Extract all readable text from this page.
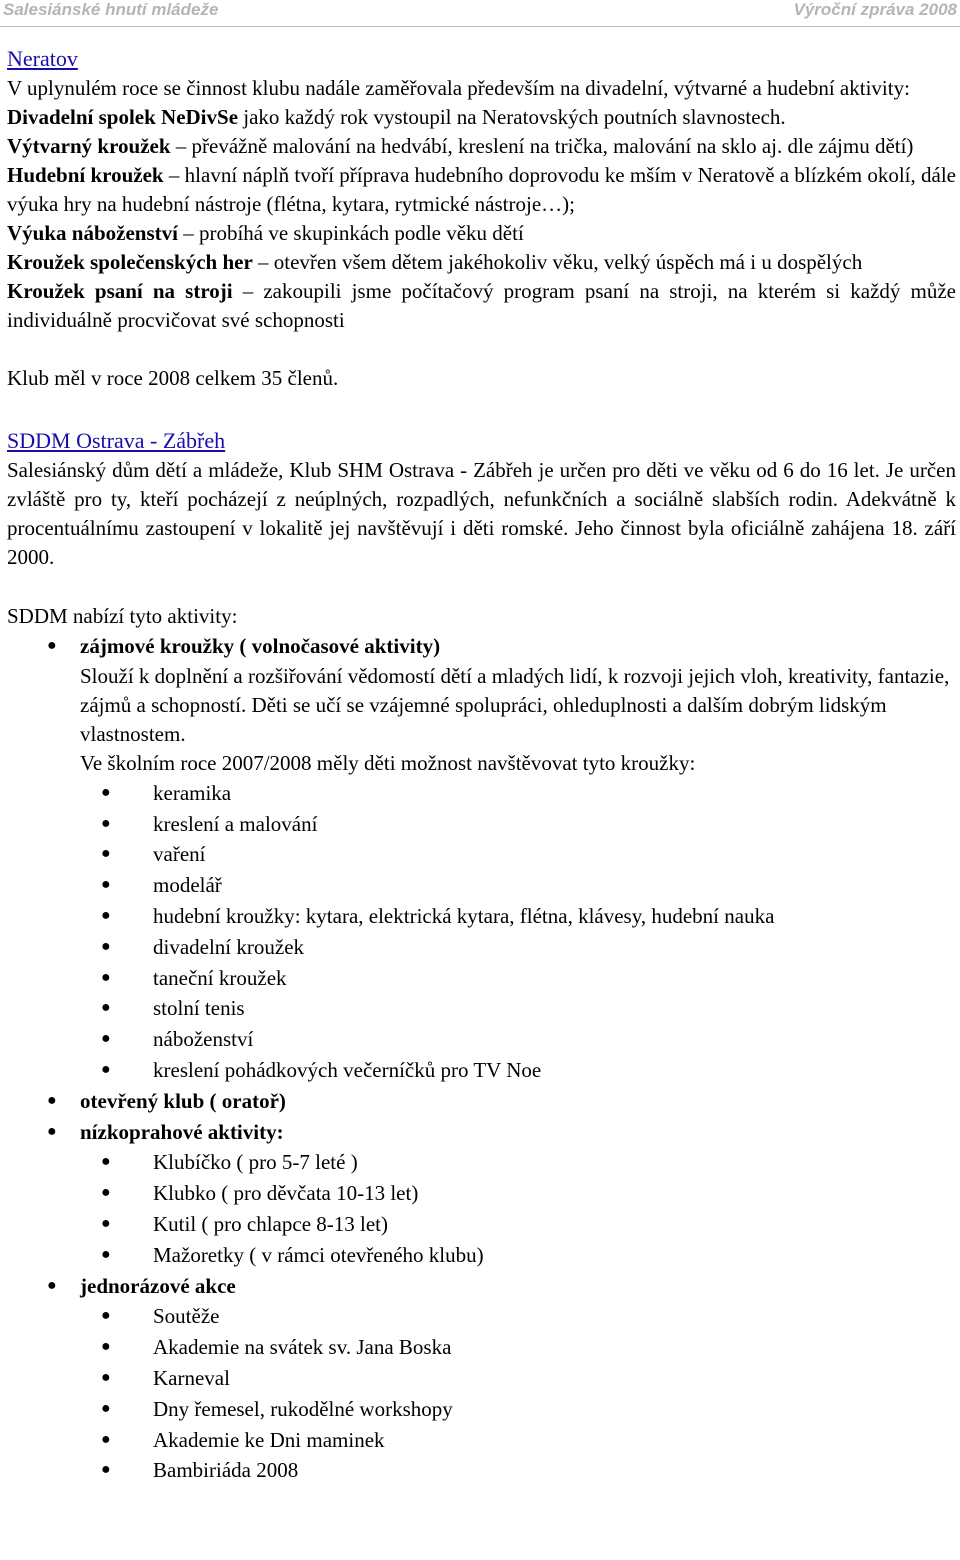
Salesiánské hnutí mládeže	Výroční zpráva 2008

Neratov

V uplynulém roce se činnost klubu nadále zaměřovala především na divadelní, výtvarné a hudební aktivity:

Divadelní spolek NeDivSe jako každý rok vystoupil na Neratovských poutních slavnostech.

Výtvarný kroužek – převážně malování na hedvábí, kreslení na trička, malování na sklo aj. dle zájmu dětí)

Hudební kroužek – hlavní náplň tvoří příprava hudebního doprovodu ke mším v Neratově a blízkém okolí, dále výuka hry na hudební nástroje (flétna, kytara, rytmické nástroje…);

Výuka náboženství – probíhá ve skupinkách podle věku dětí

Kroužek společenských her – otevřen všem dětem jakéhokoliv věku, velký úspěch má i u dospělých

Kroužek psaní na stroji – zakoupili jsme počítačový program psaní na stroji, na kterém si každý může individuálně procvičovat své schopnosti

Klub měl v roce 2008 celkem 35 členů.

SDDM Ostrava - Zábřeh

Salesiánský dům dětí a mládeže, Klub SHM Ostrava - Zábřeh je určen pro děti ve věku od 6 do 16 let. Je určen zvláště pro ty, kteří pocházejí z neúplných, rozpadlých, nefunkčních a sociálně slabších rodin. Adekvátně k procentuálnímu zastoupení v lokalitě jej navštěvují i děti romské. Jeho činnost byla oficiálně zahájena 18. září 2000.

SDDM nabízí tyto aktivity:

● zájmové kroužky ( volnočasové aktivity)

Slouží k doplnění a rozšiřování vědomostí dětí a mladých lidí, k rozvoji jejich vloh, kreativity, fantazie, zájmů a schopností. Děti se učí se vzájemné spolupráci, ohleduplnosti a dalším dobrým lidským vlastnostem.

Ve školním roce 2007/2008 měly děti možnost navštěvovat tyto kroužky:

● keramika
● kreslení a malování
● vaření
● modelář
● hudební kroužky: kytara, elektrická kytara, flétna, klávesy, hudební nauka
● divadelní kroužek
● taneční kroužek
● stolní tenis
● náboženství
● kreslení pohádkových večerníčků pro TV Noe
● otevřený klub ( oratoř)
● nízkoprahové aktivity:
● Klubíčko ( pro 5-7 leté )
● Klubko ( pro děvčata 10-13 let)
● Kutil ( pro chlapce 8-13 let)
● Mažoretky ( v rámci otevřeného klubu)
● jednorázové akce
● Soutěže
● Akademie na svátek sv. Jana Boska
● Karneval
● Dny řemesel, rukodělné workshopy
● Akademie ke Dni maminek
● Bambiriáda 2008
